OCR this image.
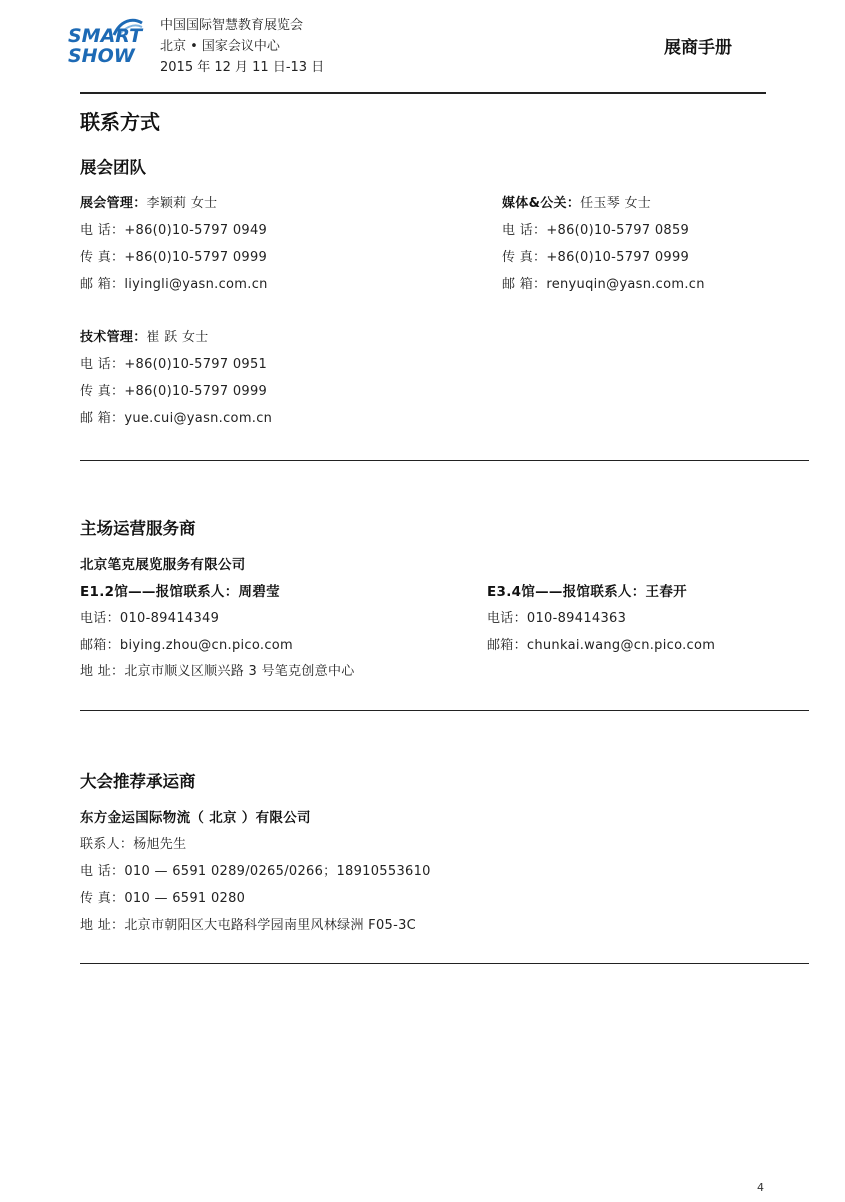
SMART
SHOW
中国国际智慧教育展览会
北京 • 国家会议中心
2015 年 12 月 11 日-13 日
展商手册
联系方式
展会团队
展会管理：李颖莉 女士
电 话：+86(0)10-5797 0949
传 真：+86(0)10-5797 0999
邮 箱：liyingli@yasn.com.cn
媒体&公关：任玉琴 女士
电 话：+86(0)10-5797 0859
传 真：+86(0)10-5797 0999
邮 箱：renyuqin@yasn.com.cn
技术管理：崔 跃 女士
电 话：+86(0)10-5797 0951
传 真：+86(0)10-5797 0999
邮 箱：yue.cui@yasn.com.cn
主场运营服务商
北京笔克展览服务有限公司
E1.2馆——报馆联系人：周碧莹
电话：010-89414349
邮箱：biying.zhou@cn.pico.com
E3.4馆——报馆联系人：王春开
电话：010-89414363
邮箱：chunkai.wang@cn.pico.com
地 址：北京市顺义区顺兴路 3 号笔克创意中心
大会推荐承运商
东方金运国际物流（ 北京 ）有限公司
联系人：杨旭先生
电 话：010 — 6591 0289/0265/0266；18910553610
传 真：010 — 6591 0280
地 址：北京市朝阳区大屯路科学园南里风林绿洲 F05-3C
4
